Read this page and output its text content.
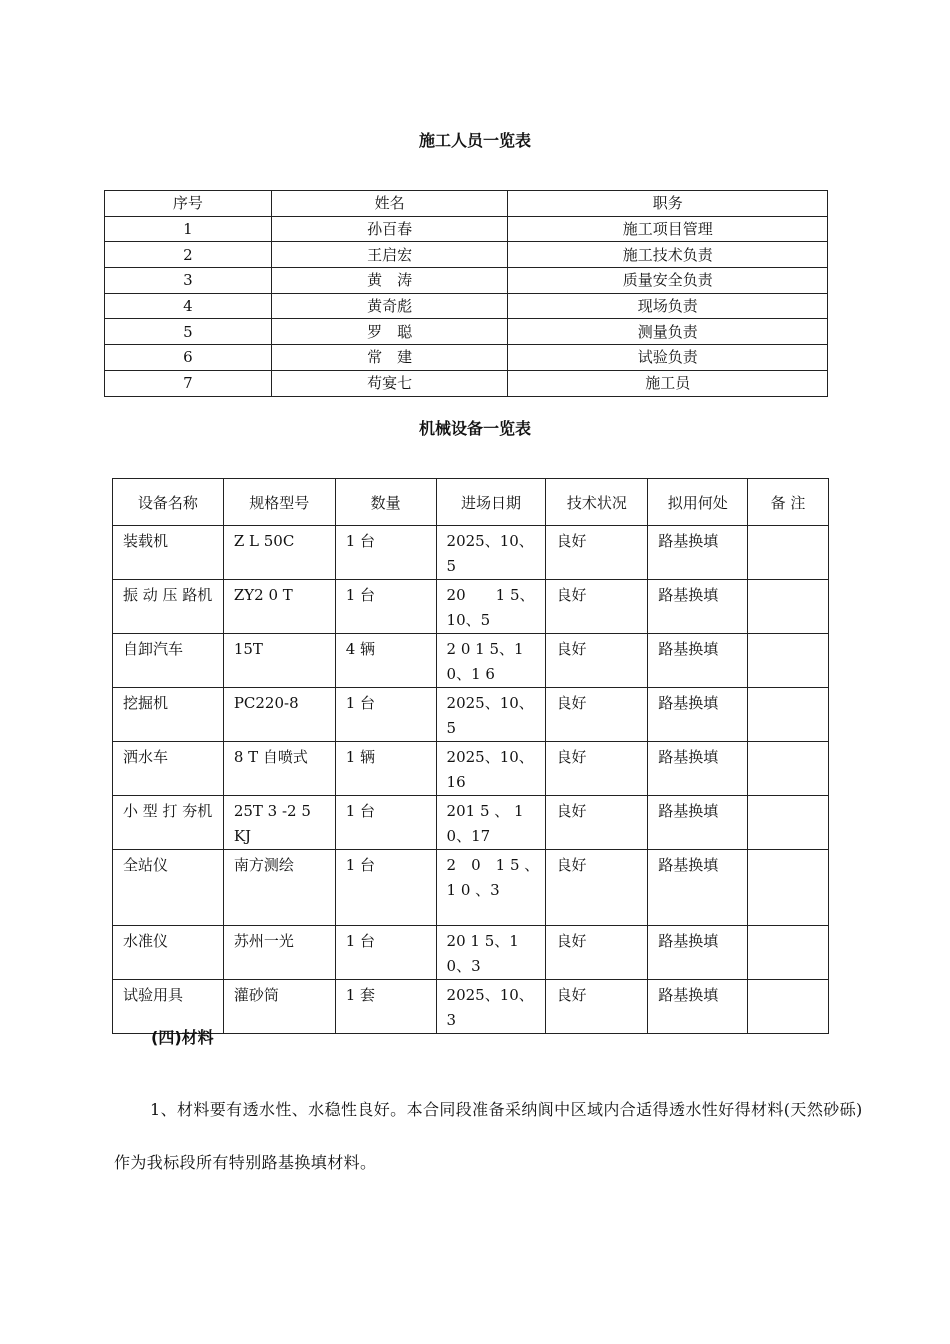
施工人员一览表
序号	姓名	职务
1	孙百春	施工项目管理
2	王启宏	施工技术负责
3	黄　涛	质量安全负责
4	黄奇彪	现场负责
5	罗　聪	测量负责
6	常　建	试验负责
7	苟宴七	施工员
机械设备一览表
设备名称	规格型号	数量	进场日期	技术状况	拟用何处	备 注
装载机	Z L 50C	1 台	2025、10、5	良好	路基换填	
振 动 压 路机	ZY2 0 T	1 台	20　　1 5、10、5	良好	路基换填	
自卸汽车	15T	4 辆	2 0 1 5、1 0、1 6	良好	路基换填	
挖掘机	PC220-8	1 台	2025、10、5	良好	路基换填	
洒水车	8 T 自喷式	1 辆	2025、10、16	良好	路基换填	
小 型 打 夯机	25T 3 -2 5 KJ	1 台	201 5 、 1 0、17	良好	路基换填	
全站仪	南方测绘	1 台	2　0　1 5 、1 0 、3	良好	路基换填	
水准仪	苏州一光	1 台	20 1 5、1 0、3	良好	路基换填	
试验用具	灌砂筒	1 套	2025、10、3	良好	路基换填	
(四)材料
1、材料要有透水性、水稳性良好。本合同段准备采纳阆中区域内合适得透水性好得材料(天然砂砾)作为我标段所有特别路基换填材料。
